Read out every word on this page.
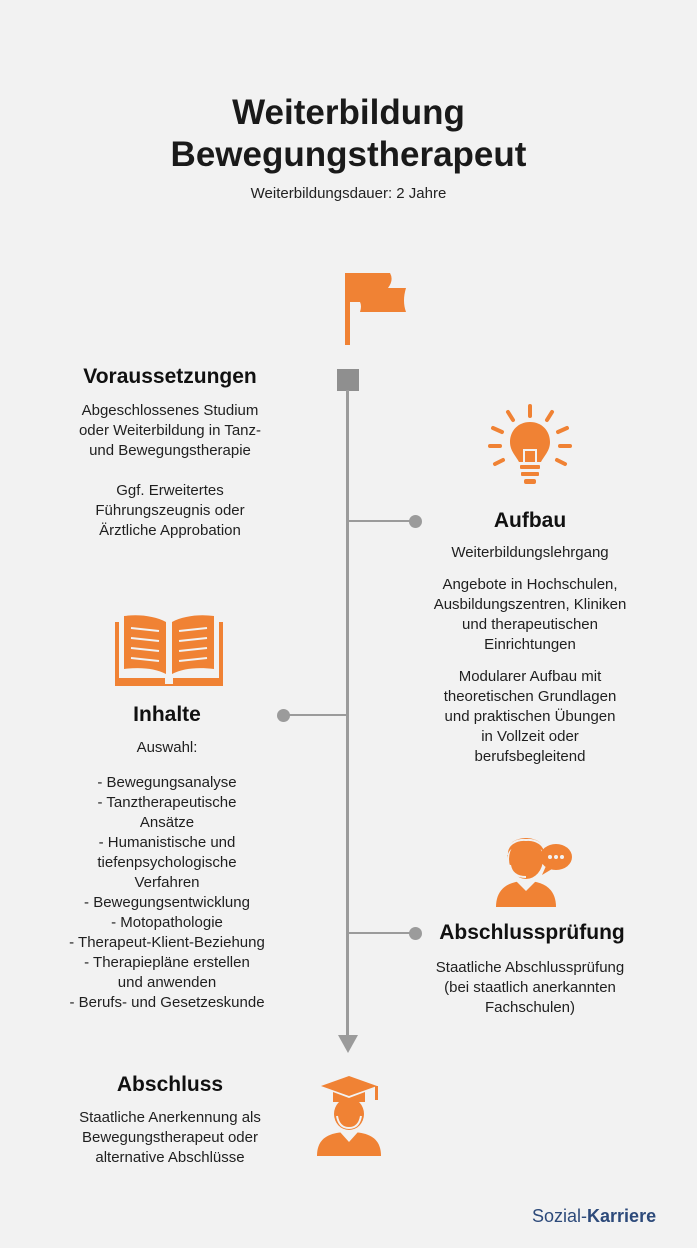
Weiterbildung
Bewegungstherapeut
Weiterbildungsdauer: 2 Jahre
Voraussetzungen
Abgeschlossenes Studium
oder Weiterbildung in Tanz-
und Bewegungstherapie
Ggf. Erweitertes
Führungszeugnis oder
Ärztliche Approbation	Aufbau
Weiterbildungslehrgang
Angebote in Hochschulen,
Ausbildungszentren, Kliniken
und therapeutischen
Einrichtungen
Modularer Aufbau mit
theoretischen Grundlagen
und praktischen Übungen
in Vollzeit oder
berufsbegleitend
Inhalte
Auswahl:
- Bewegungsanalyse
- Tanztherapeutische
Ansätze
- Humanistische und
tiefenpsychologische
Verfahren
- Bewegungsentwicklung
- Motopathologie
- Therapeut-Klient-Beziehung
- Therapiepläne erstellen
und anwenden
- Berufs- und Gesetzeskunde
Abschlussprüfung
Staatliche Abschlussprüfung
(bei staatlich anerkannten
Fachschulen)
Abschluss
Staatliche Anerkennung als
Bewegungstherapeut oder
alternative Abschlüsse
Sozial-Karriere
